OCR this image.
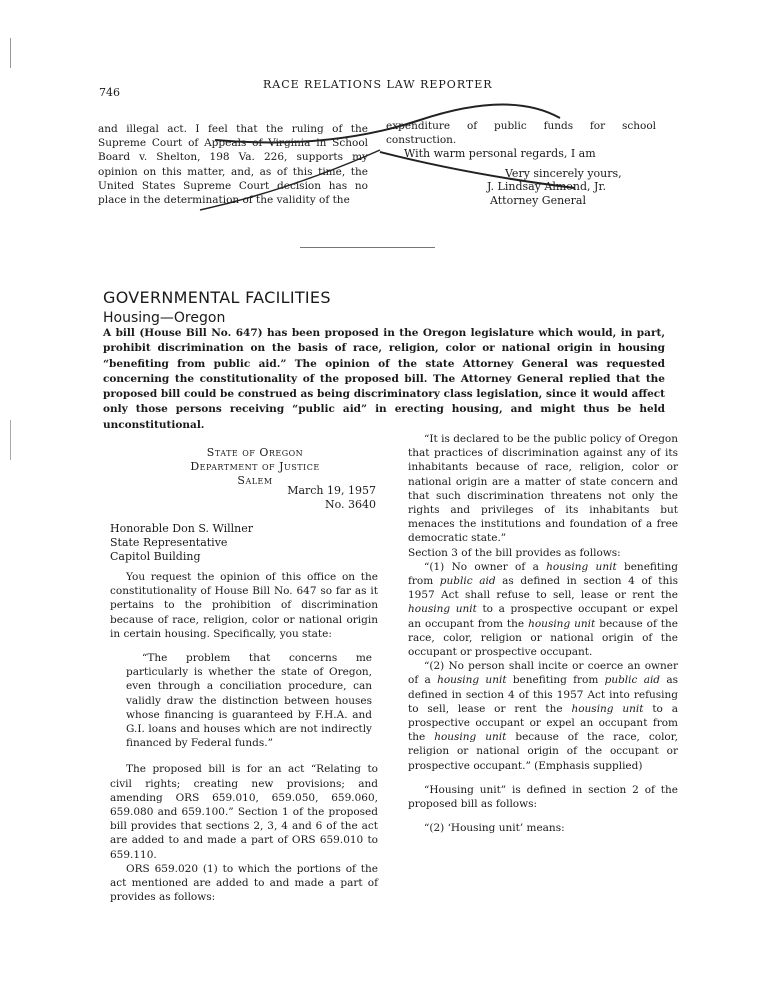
746
RACE RELATIONS LAW REPORTER
and illegal act. I feel that the ruling of the Supreme Court of Appeals of Virginia in School Board v. Shelton, 198 Va. 226, supports my opinion on this matter, and, as of this time, the United States Supreme Court decision has no place in the determination of the validity of the
expenditure of public funds for school construction.
With warm personal regards, I am
Very sincerely yours,
J. Lindsay Almond, Jr.
Attorney General
GOVERNMENTAL FACILITIES
Housing—Oregon
A bill (House Bill No. 647) has been proposed in the Oregon legislature which would, in part, prohibit discrimination on the basis of race, religion, color or national origin in housing “benefiting from public aid.” The opinion of the state Attorney General was requested concerning the constitutionality of the proposed bill. The Attorney General replied that the proposed bill could be construed as being discriminatory class legislation, since it would affect only those persons receiving “public aid” in erecting housing, and might thus be held unconstitutional.
State of Oregon
Department of Justice
Salem
March 19, 1957
No. 3640
Honorable Don S. Willner
State Representative
Capitol Building

You request the opinion of this office on the constitutionality of House Bill No. 647 so far as it pertains to the prohibition of discrimination because of race, religion, color or national origin in certain housing. Specifically, you state:

“The problem that concerns me particularly is whether the state of Oregon, even through a conciliation procedure, can validly draw the distinction between houses whose financing is guaranteed by F.H.A. and G.I. loans and houses which are not indirectly financed by Federal funds.”

The proposed bill is for an act “Relating to civil rights; creating new provisions; and amending ORS 659.010, 659.050, 659.060, 659.080 and 659.100.” Section 1 of the proposed bill provides that sections 2, 3, 4 and 6 of the act are added to and made a part of ORS 659.010 to 659.110.

ORS 659.020 (1) to which the portions of the act mentioned are added to and made a part of provides as follows:

“It is declared to be the public policy of Oregon that practices of discrimination against any of its inhabitants because of race, religion, color or national origin are a matter of state concern and that such discrimination threatens not only the rights and privileges of its inhabitants but menaces the institutions and foundation of a free democratic state.”

Section 3 of the bill provides as follows:

“(1) No owner of a housing unit benefiting from public aid as defined in section 4 of this 1957 Act shall refuse to sell, lease or rent the housing unit to a prospective occupant or expel an occupant from the housing unit because of the race, color, religion or national origin of the occupant or prospective occupant.

“(2) No person shall incite or coerce an owner of a housing unit benefiting from public aid as defined in section 4 of this 1957 Act into refusing to sell, lease or rent the housing unit to a prospective occupant or expel an occupant from the housing unit because of the race, color, religion or national origin of the occupant or prospective occupant.” (Emphasis supplied)

“Housing unit” is defined in section 2 of the proposed bill as follows:

“(2) ‘Housing unit’ means:
